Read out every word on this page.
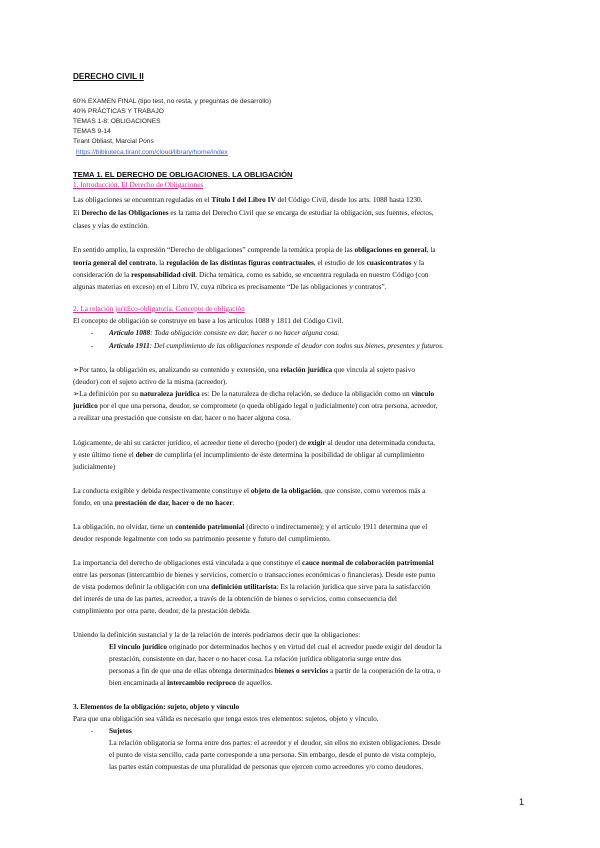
DERECHO CIVIL II
60% EXAMEN FINAL (tipo test, no resta, y preguntas de desarrollo)
40% PRÁCTICAS Y TRABAJO
TEMAS 1-8: OBLIGACIONES
TEMAS 9-14
Tirant Obliast, Marcial Pons
https://biblioteca.tirant.com/cloud/library/home/index
TEMA 1. EL DERECHO DE OBLIGACIONES. LA OBLIGACIÓN
1. Introducción. El Derecho de Obligaciones
Las obligaciones se encuentran reguladas en el Título I del Libro IV del Código Civil, desde los arts. 1088 hasta 1230.
El Derecho de las Obligaciones es la rama del Derecho Civil que se encarga de estudiar la obligación, sus fuentes, efectos,
clases y vías de extinción.
En sentido amplio, la expresión “Derecho de obligaciones” comprende la temática propia de las obligaciones en general, la
teoría general del contrato, la regulación de las distintas figuras contractuales, el estudio de los cuasicontratos y la
consideración de la responsabilidad civil. Dicha temática, como es sabido, se encuentra regulada en nuestro Código (con
algunas materias en exceso) en el Libro IV, cuya rúbrica es precisamente “De las obligaciones y contratos”.
2. La relación jurídico-obligatoria. Concepto de obligación
El concepto de obligación se construye en base a los artículos 1088 y 1811 del Código Civil.
- Artículo 1088: Toda obligación consiste en dar, hacer o no hacer alguna cosa.
- Artículo 1911: Del cumplimiento de las obligaciones responde el deudor con todos sus bienes, presentes y futuros.
➢Por tanto, la obligación es, analizando su contenido y extensión, una relación jurídica que vincula al sujeto pasivo
(deudor) con el sujeto activo de la misma (acreedor).
➢La definición por su naturaleza jurídica es: De la naturaleza de dicha relación, se deduce la obligación como un vínculo
jurídico por el que una persona, deudor, se compromete (o queda obligado legal o judicialmente) con otra persona, acreedor,
a realizar una prestación que consiste en dar, hacer o no hacer alguna cosa.
Lógicamente, de ahí su carácter jurídico, el acreedor tiene el derecho (poder) de exigir al deudor una determinada conducta,
y este último tiene el deber de cumplirla (el incumplimiento de éste determina la posibilidad de obligar al cumplimiento
judicialmente)
La conducta exigible y debida respectivamente constituye el objeto de la obligación, que consiste, como veremos más a
fondo, en una prestación de dar, hacer o de no hacer.
La obligación, no olvidar, tiene un contenido patrimonial (directo o indirectamente); y el artículo 1911 determina que el
deudor responde legalmente con todo su patrimonio presente y futuro del cumplimiento.
La importancia del derecho de obligaciones está vinculada a que constituye el cauce normal de colaboración patrimonial
entre las personas (intercambio de bienes y servicios, comercio o transacciones económicas o financieras). Desde este punto
de vista podemos definir la obligación con una definición utilitarista: Es la relación jurídica que sirve para la satisfacción
del interés de una de las partes, acreedor, a través de la obtención de bienes o servicios, como consecuencia del
cumplimiento por otra parte, deudor, de la prestación debida.
Uniendo la definición sustancial y la de la relación de interés podríamos decir que la obligaciones:
El vínculo jurídico originado por determinados hechos y en virtud del cual el acreedor puede exigir del deudor la
prestación, consistente en dar, hacer o no hacer cosa. La relación jurídica obligatoria surge entre dos
personas a fin de que una de ellas obtenga determinados bienes o servicios a partir de la cooperación de la otra, o
bien encaminada al intercambio recíproco de aquellos.
3. Elementos de la obligación: sujeto, objeto y vínculo
Para que una obligación sea válida es necesario que tenga estos tres elementos: sujetos, objeto y vínculo.
- Sujetos
La relación obligatoria se forma entre dos partes: el acreedor y el deudor, sin ellos no existen obligaciones. Desde
el punto de vista sencillo, cada parte corresponde a una persona. Sin embargo, desde el punto de vista complejo,
las partes están compuestas de una pluralidad de personas que ejercen como acreedores y/o como deudores.
1
